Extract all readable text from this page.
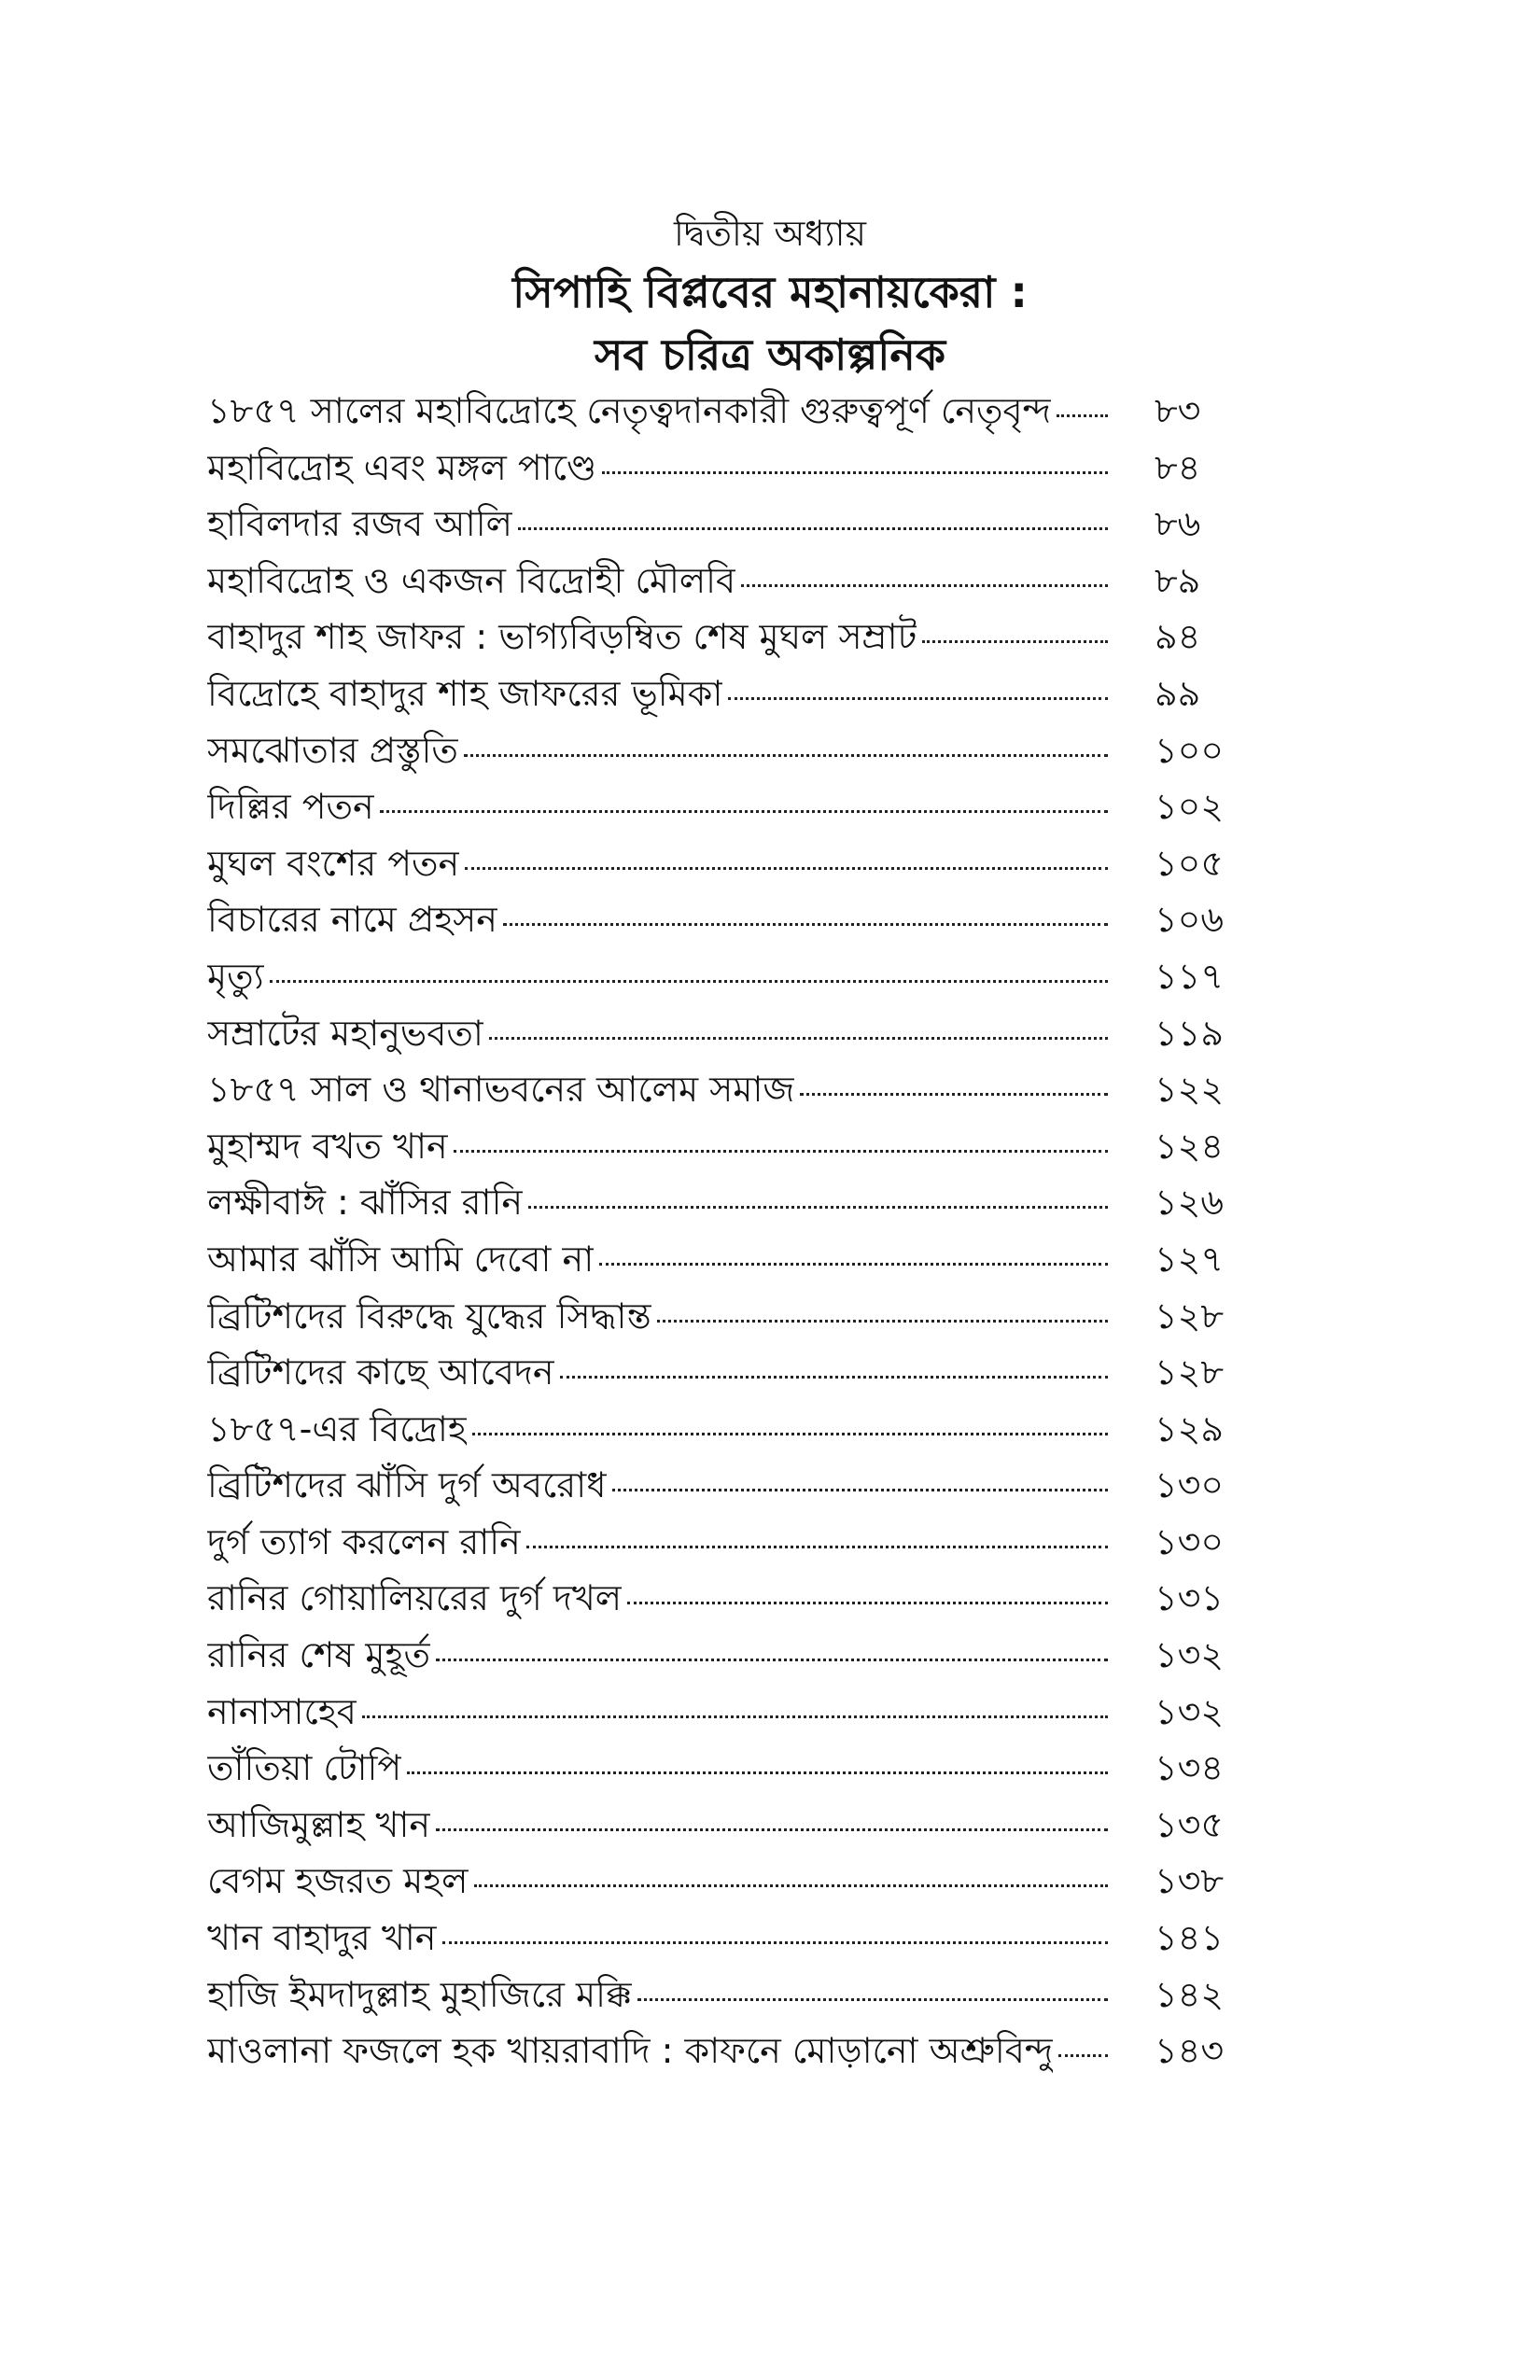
দ্বিতীয় অধ্যায়
সিপাহি বিপ্লবের মহানায়কেরা :
সব চরিত্র অকাল্পনিক
১৮৫৭ সালের মহাবিদ্রোহে নেতৃত্বদানকারী গুরুত্বপূর্ণ নেতৃবৃন্দ	৮৩
মহাবিদ্রোহ এবং মঙ্গল পাণ্ডে	৮৪
হাবিলদার রজব আলি	৮৬
মহাবিদ্রোহ ও একজন বিদ্রোহী মৌলবি	৮৯
বাহাদুর শাহ জাফর : ভাগ্যবিড়ম্বিত শেষ মুঘল সম্রাট	৯৪
বিদ্রোহে বাহাদুর শাহ জাফরের ভূমিকা	৯৯
সমঝোতার প্রস্তুতি	১০০
দিল্লির পতন	১০২
মুঘল বংশের পতন	১০৫
বিচারের নামে প্রহসন	১০৬
মৃত্যু	১১৭
সম্রাটের মহানুভবতা	১১৯
১৮৫৭ সাল ও থানাভবনের আলেম সমাজ	১২২
মুহাম্মদ বখত খান	১২৪
লক্ষীবাঈ : ঝাঁসির রানি	১২৬
আমার ঝাঁসি আমি দেবো না	১২৭
ব্রিটিশদের বিরুদ্ধে যুদ্ধের সিদ্ধান্ত	১২৮
ব্রিটিশদের কাছে আবেদন	১২৮
১৮৫৭-এর বিদ্রোহ	১২৯
ব্রিটিশদের ঝাঁসি দুর্গ অবরোধ	১৩০
দুর্গ ত্যাগ করলেন রানি	১৩০
রানির গোয়ালিয়রের দুর্গ দখল	১৩১
রানির শেষ মুহূর্ত	১৩২
নানাসাহেব	১৩২
তাঁতিয়া টোপি	১৩৪
আজিমুল্লাহ খান	১৩৫
বেগম হজরত মহল	১৩৮
খান বাহাদুর খান	১৪১
হাজি ইমদাদুল্লাহ মুহাজিরে মক্কি	১৪২
মাওলানা ফজলে হক খায়রাবাদি : কাফনে মোড়ানো অশ্রুবিন্দু	১৪৩
